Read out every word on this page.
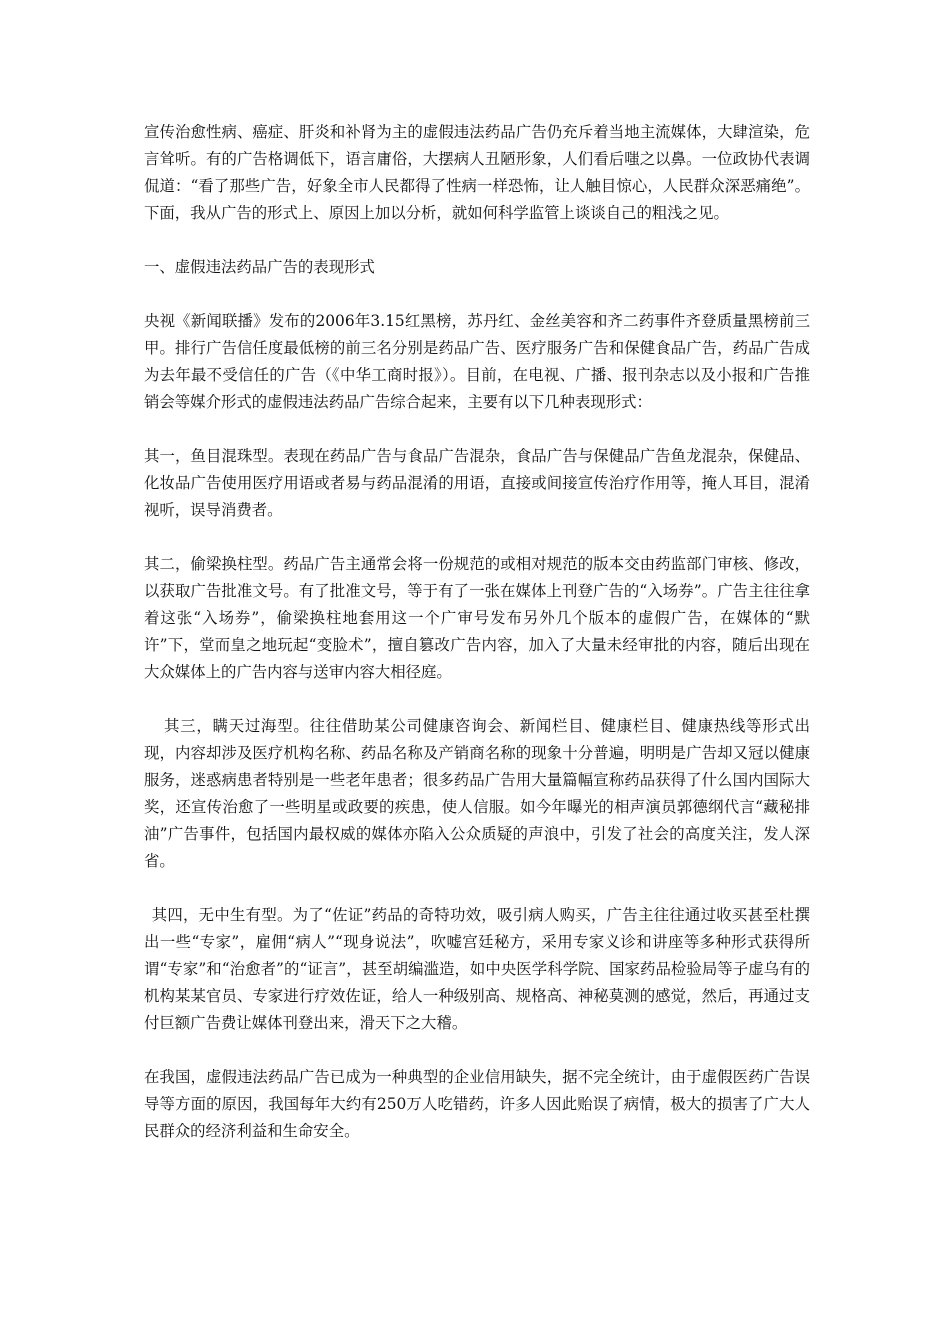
宣传治愈性病、癌症、肝炎和补肾为主的虚假违法药品广告仍充斥着当地主流媒体，大肆渲染，危言耸听。有的广告格调低下，语言庸俗，大摆病人丑陋形象，人们看后嗤之以鼻。一位政协代表调侃道：“看了那些广告，好象全市人民都得了性病一样恐怖，让人触目惊心，人民群众深恶痛绝”。下面，我从广告的形式上、原因上加以分析，就如何科学监管上谈谈自己的粗浅之见。

一、虚假违法药品广告的表现形式

央视《新闻联播》发布的2006年3.15红黑榜，苏丹红、金丝美容和齐二药事件齐登质量黑榜前三甲。排行广告信任度最低榜的前三名分别是药品广告、医疗服务广告和保健食品广告，药品广告成为去年最不受信任的广告（《中华工商时报》）。目前，在电视、广播、报刊杂志以及小报和广告推销会等媒介形式的虚假违法药品广告综合起来，主要有以下几种表现形式：

其一，鱼目混珠型。表现在药品广告与食品广告混杂，食品广告与保健品广告鱼龙混杂，保健品、化妆品广告使用医疗用语或者易与药品混淆的用语，直接或间接宣传治疗作用等，掩人耳目，混淆视听，误导消费者。

其二，偷梁换柱型。药品广告主通常会将一份规范的或相对规范的版本交由药监部门审核、修改，以获取广告批准文号。有了批准文号，等于有了一张在媒体上刊登广告的“入场券”。广告主往往拿着这张“入场券”，偷梁换柱地套用这一个广审号发布另外几个版本的虚假广告，在媒体的“默许”下，堂而皇之地玩起“变脸术”，擅自篡改广告内容，加入了大量未经审批的内容，随后出现在大众媒体上的广告内容与送审内容大相径庭。

其三，瞒天过海型。往往借助某公司健康咨询会、新闻栏目、健康栏目、健康热线等形式出现，内容却涉及医疗机构名称、药品名称及产销商名称的现象十分普遍，明明是广告却又冠以健康服务，迷惑病患者特别是一些老年患者；很多药品广告用大量篇幅宣称药品获得了什么国内国际大奖，还宣传治愈了一些明星或政要的疾患，使人信服。如今年曝光的相声演员郭德纲代言“藏秘排油”广告事件，包括国内最权威的媒体亦陷入公众质疑的声浪中，引发了社会的高度关注，发人深省。

其四，无中生有型。为了“佐证”药品的奇特功效，吸引病人购买，广告主往往通过收买甚至杜撰出一些“专家”，雇佣“病人”“现身说法”，吹嘘宫廷秘方，采用专家义诊和讲座等多种形式获得所谓“专家”和“治愈者”的“证言”，甚至胡编滥造，如中央医学科学院、国家药品检验局等子虚乌有的机构某某官员、专家进行疗效佐证，给人一种级别高、规格高、神秘莫测的感觉，然后，再通过支付巨额广告费让媒体刊登出来，滑天下之大稽。

在我国，虚假违法药品广告已成为一种典型的企业信用缺失，据不完全统计，由于虚假医药广告误导等方面的原因，我国每年大约有250万人吃错药，许多人因此贻误了病情，极大的损害了广大人民群众的经济利益和生命安全。
